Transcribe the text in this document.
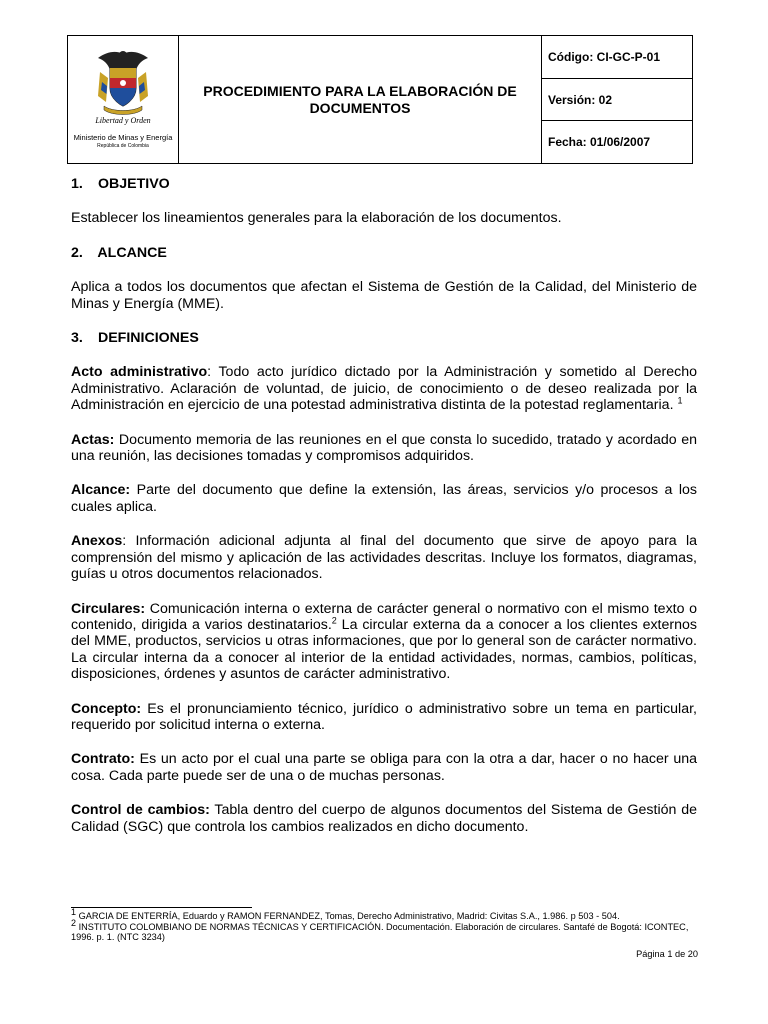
Libertad y Orden
Ministerio de Minas y Energía
República de Colombia
PROCEDIMIENTO PARA LA ELABORACIÓN DE DOCUMENTOS
Código: CI-GC-P-01
Versión: 02
Fecha: 01/06/2007
1. OBJETIVO

Establecer los lineamientos generales para la elaboración de los documentos.

2. ALCANCE

Aplica a todos los documentos que afectan el Sistema de Gestión de la Calidad, del Ministerio de Minas y Energía (MME).

3. DEFINICIONES

Acto administrativo: Todo acto jurídico dictado por la Administración y sometido al Derecho Administrativo. Aclaración de voluntad, de juicio, de conocimiento o de deseo realizada por la Administración en ejercicio de una potestad administrativa distinta de la potestad reglamentaria. $^1$

Actas: Documento memoria de las reuniones en el que consta lo sucedido, tratado y acordado en una reunión, las decisiones tomadas y compromisos adquiridos.

Alcance: Parte del documento que define la extensión, las áreas, servicios y/o procesos a los cuales aplica.

Anexos: Información adicional adjunta al final del documento que sirve de apoyo para la comprensión del mismo y aplicación de las actividades descritas. Incluye los formatos, diagramas, guías u otros documentos relacionados.

Circulares: Comunicación interna o externa de carácter general o normativo con el mismo texto o contenido, dirigida a varios destinatarios.$^2$ La circular externa da a conocer a los clientes externos del MME, productos, servicios u otras informaciones, que por lo general son de carácter normativo. La circular interna da a conocer al interior de la entidad actividades, normas, cambios, políticas, disposiciones, órdenes y asuntos de carácter administrativo.

Concepto: Es el pronunciamiento técnico, jurídico o administrativo sobre un tema en particular, requerido por solicitud interna o externa.

Contrato: Es un acto por el cual una parte se obliga para con la otra a dar, hacer o no hacer una cosa. Cada parte puede ser de una o de muchas personas.

Control de cambios: Tabla dentro del cuerpo de algunos documentos del Sistema de Gestión de Calidad (SGC) que controla los cambios realizados en dicho documento.

$^1$ GARCIA DE ENTERRÍA, Eduardo y RAMON FERNANDEZ, Tomas, Derecho Administrativo, Madrid: Civitas S.A., 1.986. p 503 - 504.
$^2$ INSTITUTO COLOMBIANO DE NORMAS TÉCNICAS Y CERTIFICACIÓN. Documentación. Elaboración de circulares. Santafé de Bogotá: ICONTEC, 1996. p. 1. (NTC 3234)
Página 1 de 20
